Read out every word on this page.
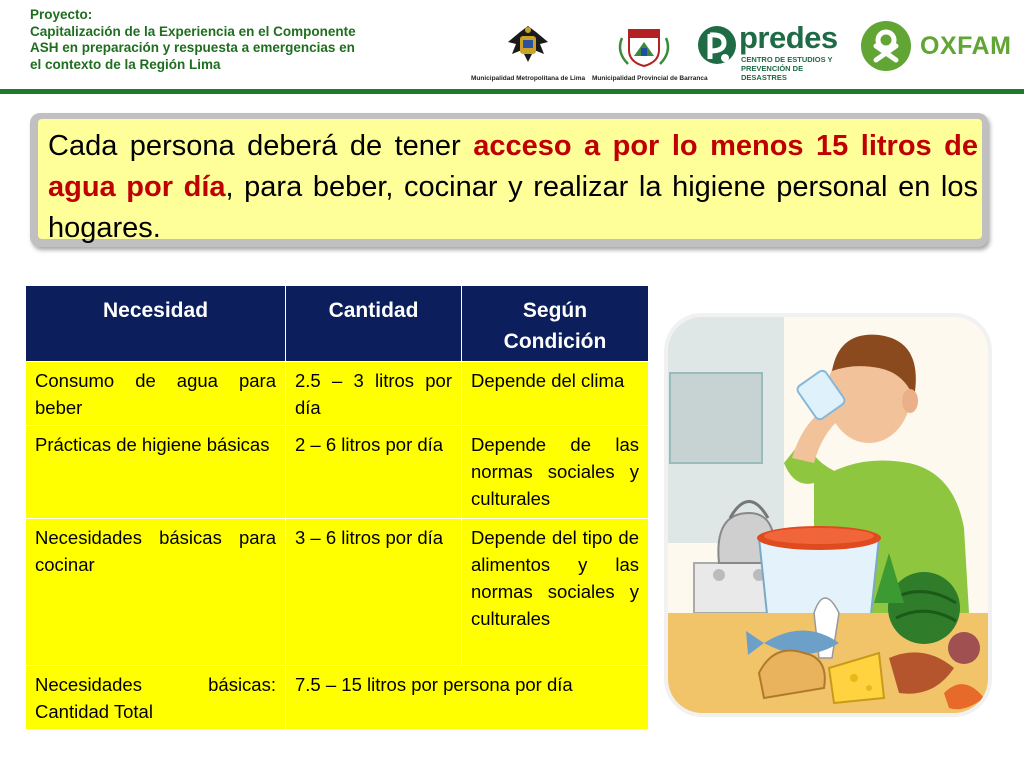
Proyecto:
Capitalización de la Experiencia en el Componente
ASH en preparación y respuesta a emergencias en
el contexto de la Región Lima
Municipalidad Metropolitana de Lima Municipalidad Provincial de Barranca
predes
CENTRO DE ESTUDIOS Y PREVENCIÓN DE DESASTRES
OXFAM
Cada persona deberá de tener acceso a por lo menos 15 litros de agua por día, para beber, cocinar y realizar la higiene personal en los hogares.
Necesidad	Cantidad	Según Condición
Consumo de agua para beber	2.5 – 3 litros por día	Depende del clima
Prácticas de higiene básicas	2 – 6 litros por día	Depende de las normas sociales y culturales
Necesidades básicas para cocinar	3 – 6 litros por día	Depende del tipo de alimentos y las normas sociales y culturales
Necesidades básicas: Cantidad Total	7.5 – 15 litros por persona por día	
